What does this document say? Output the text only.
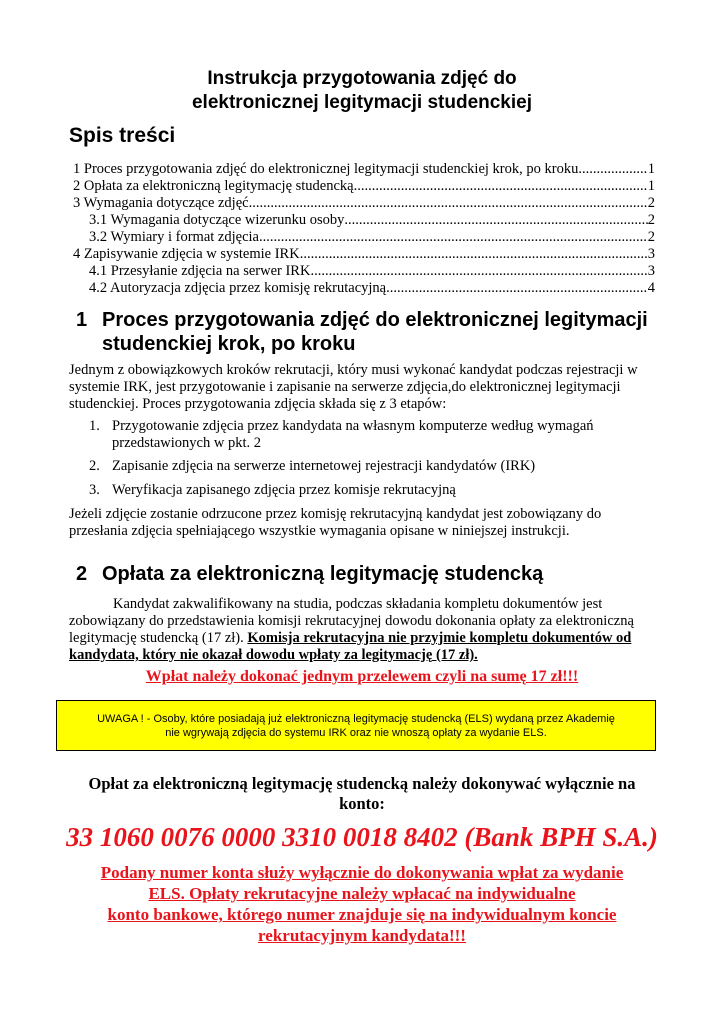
Instrukcja przygotowania zdjęć do
elektronicznej legitymacji studenckiej
Spis treści
1 Proces przygotowania zdjęć do elektronicznej legitymacji studenckiej krok, po kroku .....	1
2 Opłata za elektroniczną legitymację studencką .....	1
3 Wymagania dotyczące zdjęć .....	2
3.1 Wymagania dotyczące wizerunku osoby .....	2
3.2 Wymiary i format zdjęcia .....	2
4 Zapisywanie zdjęcia w systemie IRK .....	3
4.1 Przesyłanie zdjęcia na serwer IRK .....	3
4.2 Autoryzacja zdjęcia przez komisję rekrutacyjną .....	4
1 Proces przygotowania zdjęć do elektronicznej legitymacji
studenckiej krok, po kroku
Jednym z obowiązkowych kroków rekrutacji, który musi wykonać kandydat podczas rejestracji w systemie IRK, jest przygotowanie i zapisanie na serwerze zdjęcia,do elektronicznej legitymacji studenckiej. Proces przygotowania zdjęcia składa się z 3 etapów:
1. Przygotowanie zdjęcia przez kandydata na własnym komputerze według wymagań przedstawionych w pkt. 2
2. Zapisanie zdjęcia na serwerze internetowej rejestracji kandydatów (IRK)
3. Weryfikacja zapisanego zdjęcia przez komisje rekrutacyjną
Jeżeli zdjęcie zostanie odrzucone przez komisję rekrutacyjną kandydat jest zobowiązany do przesłania zdjęcia spełniającego wszystkie wymagania opisane w niniejszej instrukcji.
2 Opłata za elektroniczną legitymację studencką
Kandydat zakwalifikowany na studia, podczas składania kompletu dokumentów jest zobowiązany do przedstawienia komisji rekrutacyjnej dowodu dokonania opłaty za elektroniczną legitymację studencką (17 zł). Komisja rekrutacyjna nie przyjmie kompletu dokumentów od kandydata, który nie okazał dowodu wpłaty za legitymację (17 zł).
Wpłat należy dokonać jednym przelewem czyli na sumę 17 zł!!!
UWAGA ! - Osoby, które posiadają już elektroniczną legitymację studencką (ELS) wydaną przez Akademię
nie wgrywają zdjęcia do systemu IRK oraz nie wnoszą opłaty za wydanie ELS.
Opłat za elektroniczną legitymację studencką należy dokonywać wyłącznie na
konto:
33 1060 0076 0000 3310 0018 8402 (Bank BPH S.A.)
Podany numer konta służy wyłącznie do dokonywania wpłat za wydanie
ELS. Opłaty rekrutacyjne należy wpłacać na indywidualne
konto bankowe, którego numer znajduje się na indywidualnym koncie
rekrutacyjnym kandydata!!!
